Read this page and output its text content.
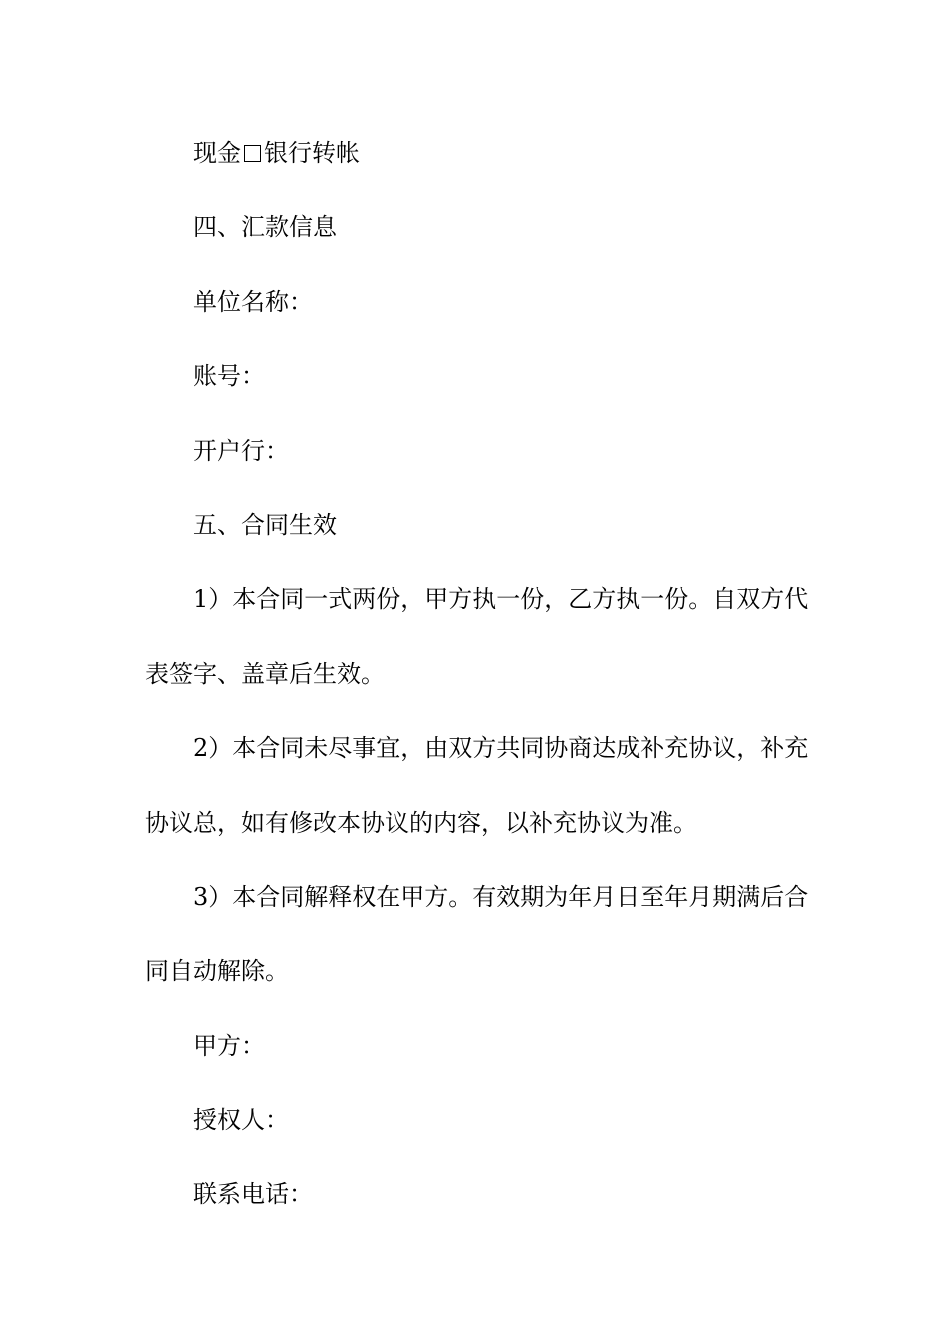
现金 银行转帐
四、汇款信息
单位名称：
账号：
开户行：
五、合同生效
1）本合同一式两份，甲方执一份，乙方执一份。自双方代
表签字、盖章后生效。
2）本合同未尽事宜，由双方共同协商达成补充协议，补充
协议总，如有修改本协议的内容，以补充协议为准。
3）本合同解释权在甲方。有效期为年月日至年月期满后合
同自动解除。
甲方：
授权人：
联系电话：
